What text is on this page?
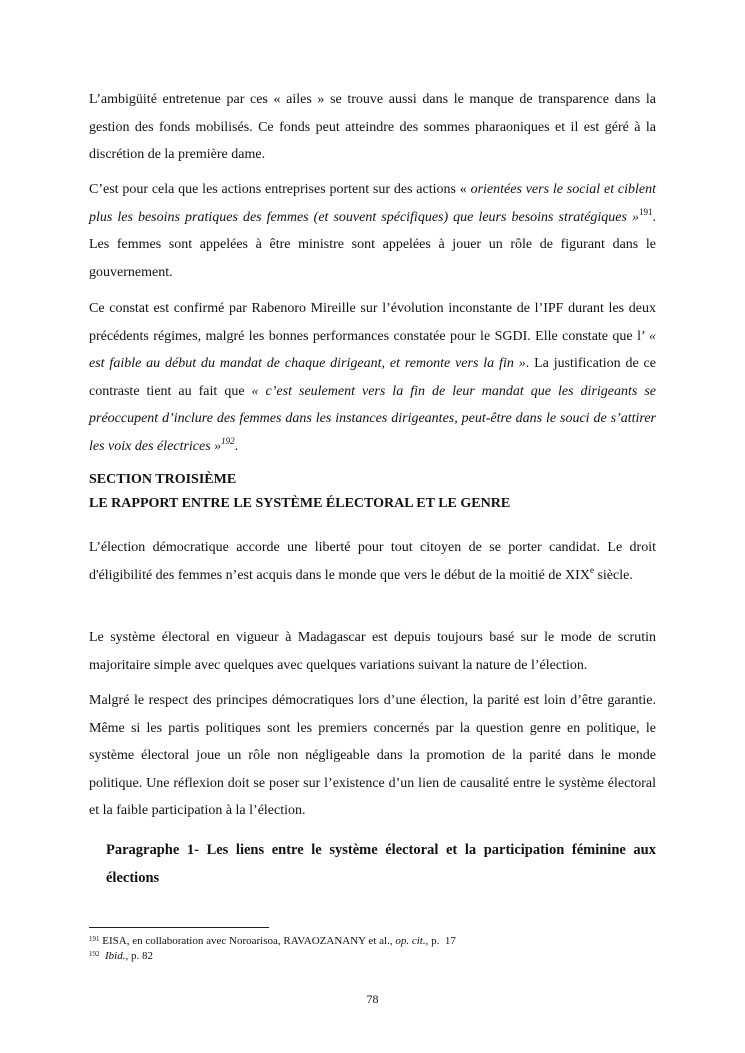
L’ambigüité entretenue par ces « ailes » se trouve aussi dans le manque de transparence dans la gestion des fonds mobilisés. Ce fonds peut atteindre des sommes pharaoniques et il est géré à la discrétion de la première dame.

C’est pour cela que les actions entreprises portent sur des actions « orientées vers le social et ciblent plus les besoins pratiques des femmes (et souvent spécifiques) que leurs besoins stratégiques »$^{191}$. Les femmes sont appelées à être ministre sont appelées à jouer un rôle de figurant dans le gouvernement.

Ce constat est confirmé par Rabenoro Mireille sur l’évolution inconstante de l’IPF durant les deux précédents régimes, malgré les bonnes performances constatée pour le SGDI. Elle constate que l’ « est faible au début du mandat de chaque dirigeant, et remonte vers la fin ». La justification de ce contraste tient au fait que « c’est seulement vers la fin de leur mandat que les dirigeants se préoccupent d’inclure des femmes dans les instances dirigeantes, peut-être dans le souci de s’attirer les voix des électrices »$^{192}$.

SECTION TROISIÈME

LE RAPPORT ENTRE LE SYSTÈME ÉLECTORAL ET LE GENRE

L’élection démocratique accorde une liberté pour tout citoyen de se porter candidat. Le droit d'éligibilité des femmes n’est acquis dans le monde que vers le début de la moitié de XIXe siècle.

Le système électoral en vigueur à Madagascar est depuis toujours basé sur le mode de scrutin majoritaire simple avec quelques avec quelques variations suivant la nature de l’élection.

Malgré le respect des principes démocratiques lors d’une élection, la parité est loin d’être garantie. Même si les partis politiques sont les premiers concernés par la question genre en politique, le système électoral joue un rôle non négligeable dans la promotion de la parité dans le monde politique. Une réflexion doit se poser sur l’existence d’un lien de causalité entre le système électoral et la faible participation à la l’élection.

Paragraphe 1- Les liens entre le système électoral et la participation féminine aux élections

$^{191}$ EISA, en collaboration avec Noroarisoa, RAVAOZANANY et al., op. cit., p.  17

$^{192}$ Ibid., p. 82

78
